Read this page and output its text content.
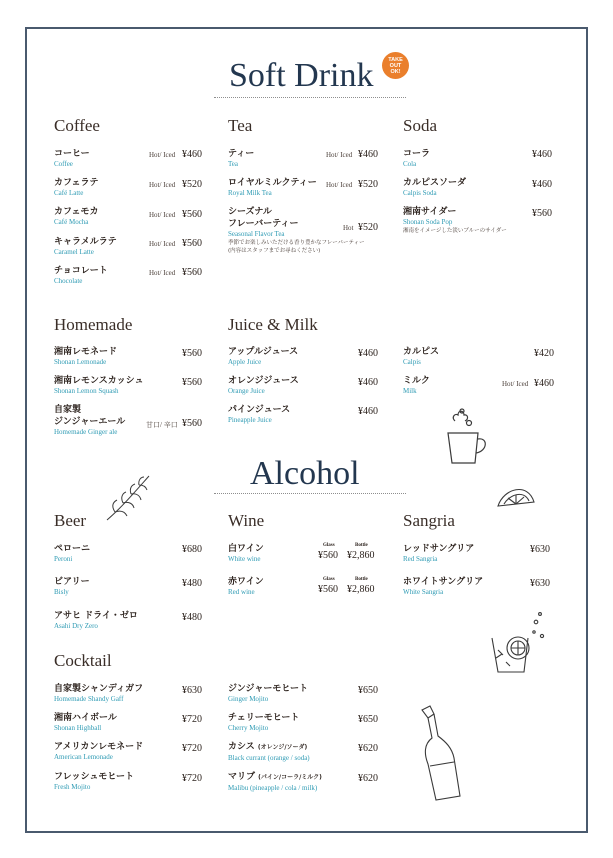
Soft Drink	TAKE
OUT
OK!
Coffee
コーヒー
Coffee
Hot/ Iced ¥460
カフェラテ
Café Latte
Hot/ Iced ¥520
カフェモカ
Café Mocha
Hot/ Iced ¥560
キャラメルラテ
Caramel Latte
Hot/ Iced ¥560
チョコレート
Chocolate
Hot/ Iced ¥560
Tea
ティー
Tea
Hot/ Iced ¥460
ロイヤルミルクティー
Royal Milk Tea
Hot/ Iced ¥520
シーズナル
フレーバーティー
Seasonal Flavor Tea
季節でお楽しみいただける香り豊かなフレーバーティー
(内容はスタッフまでお尋ねください)
Hot ¥520
Soda
コーラ
Cola
¥460
カルピスソーダ
Calpis Soda
¥460
湘南サイダー
Shonan Soda Pop
湘南をイメージした淡いブルーのサイダー
¥560
Homemade
湘南レモネード
Shonan Lemonade
¥560
湘南レモンスカッシュ
Shonan Lemon Squash
¥560
自家製
ジンジャーエール
Homemade Ginger ale
甘口/ 辛口 ¥560
Juice & Milk
アップルジュース
Apple Juice
¥460
オレンジジュース
Orange Juice
¥460
パインジュース
Pineapple Juice
¥460
カルピス
Calpis
¥420
ミルク
Milk
Hot/ Iced ¥460
Alcohol
Beer
ペローニ
Peroni
¥680
ビアリー
Bisly
¥480
アサヒ ドライ・ゼロ
Asahi Dry Zero
¥480
Wine
白ワイン
White wine
Glass	Bottle
¥560 ¥2,860
赤ワイン
Red wine
Glass	Bottle
¥560 ¥2,860
Sangria
レッドサングリア
Red Sangria
¥630
ホワイトサングリア
White Sangria
¥630
Cocktail
自家製シャンディガフ
Homemade Shandy Gaff
¥630
湘南ハイボール
Shonan Highball
¥720
アメリカンレモネード
American Lemonade
¥720
フレッシュモヒート
Fresh Mojito
¥720
ジンジャーモヒート
Ginger Mojito
¥650
チェリーモヒート
Cherry Mojito
¥650
カシス (オレンジ/ソーダ)
Black currant (orange / soda)
¥620
マリブ (パイン/コーラ/ミルク)
Malibu (pineapple / cola / milk)
¥620
